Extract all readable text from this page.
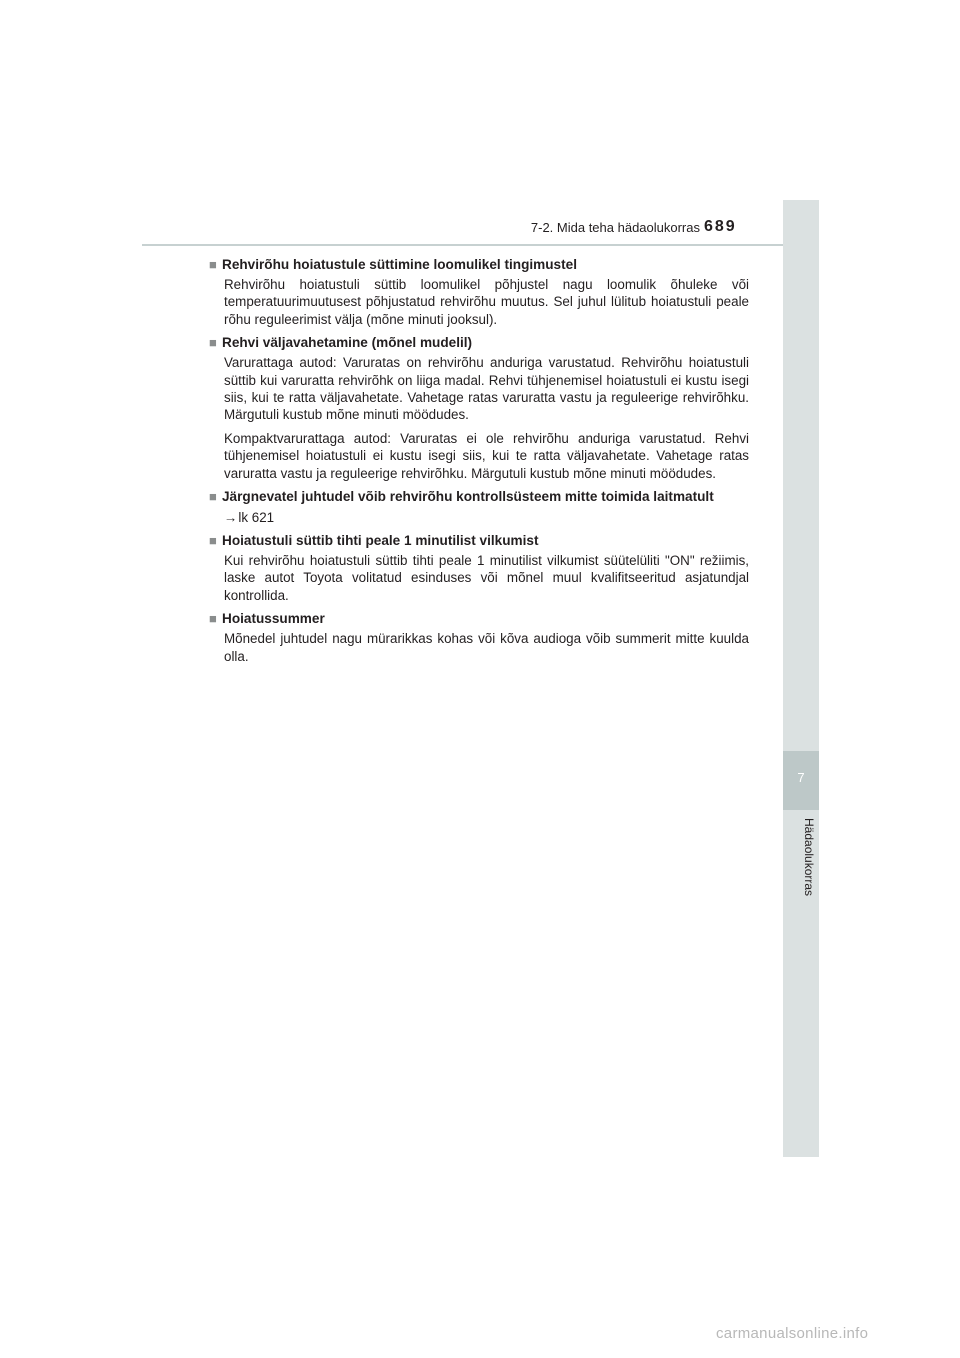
7-2. Mida teha hädaolukorras 689
7
Hädaolukorras
■ Rehvirõhu hoiatustule süttimine loomulikel tingimustel

Rehvirõhu hoiatustuli süttib loomulikel põhjustel nagu loomulik õhuleke või temperatuurimuutusest põhjustatud rehvirõhu muutus. Sel juhul lülitub hoiatustuli peale rõhu reguleerimist välja (mõne minuti jooksul).

■ Rehvi väljavahetamine (mõnel mudelil)

Varurattaga autod: Varuratas on rehvirõhu anduriga varustatud. Rehvirõhu hoiatustuli süttib kui varuratta rehvirõhk on liiga madal. Rehvi tühjenemisel hoiatustuli ei kustu isegi siis, kui te ratta väljavahetate. Vahetage ratas varuratta vastu ja reguleerige rehvirõhku. Märgutuli kustub mõne minuti möödudes.

Kompaktvarurattaga autod: Varuratas ei ole rehvirõhu anduriga varustatud. Rehvi tühjenemisel hoiatustuli ei kustu isegi siis, kui te ratta väljavahetate. Vahetage ratas varuratta vastu ja reguleerige rehvirõhku. Märgutuli kustub mõne minuti möödudes.

■ Järgnevatel juhtudel võib rehvirõhu kontrollsüsteem mitte toimida laitmatult
→lk 621
■ Hoiatustuli süttib tihti peale 1 minutilist vilkumist

Kui rehvirõhu hoiatustuli süttib tihti peale 1 minutilist vilkumist süütelüliti "ON" režiimis, laske autot Toyota volitatud esinduses või mõnel muul kvalifitseeritud asjatundjal kontrollida.

■ Hoiatussummer

Mõnedel juhtudel nagu mürarikkas kohas või kõva audioga võib summerit mitte kuulda olla.

carmanualsonline.info
